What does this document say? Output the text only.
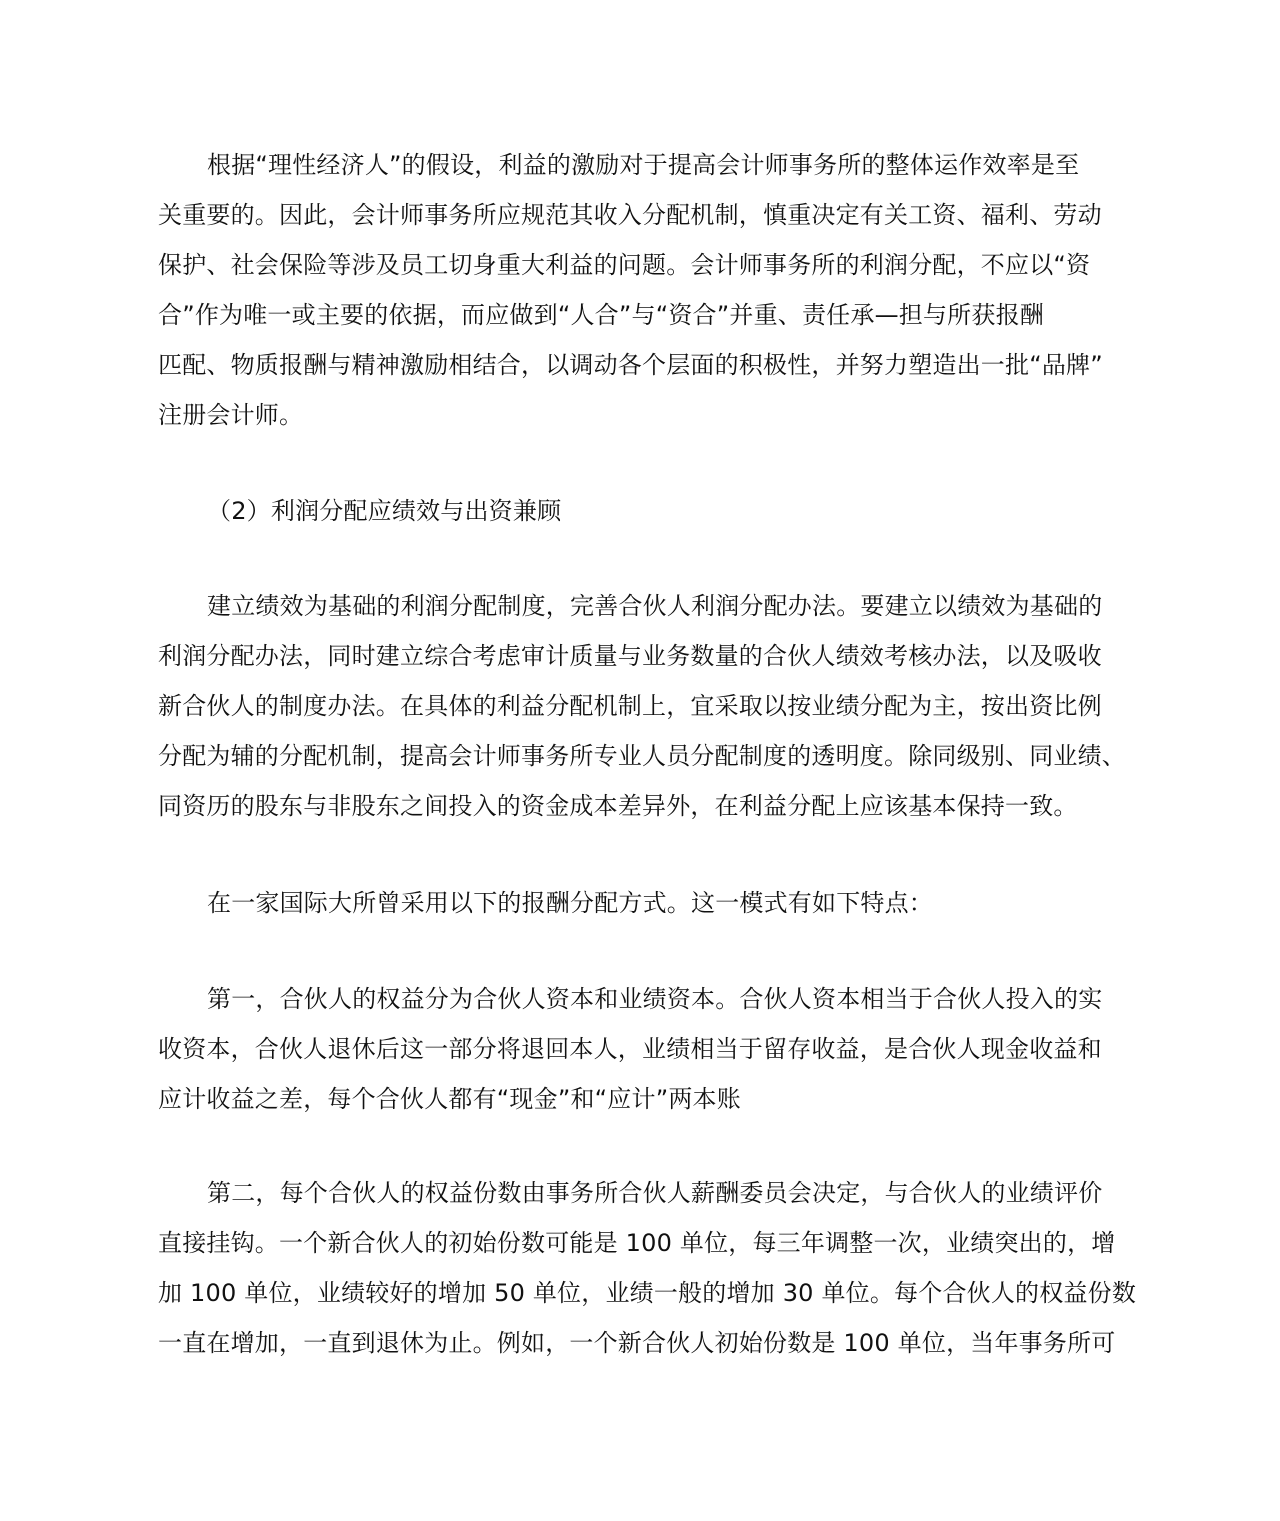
根据“理性经济人”的假设，利益的激励对于提高会计师事务所的整体运作效率是至
关重要的。因此，会计师事务所应规范其收入分配机制，慎重决定有关工资、福利、劳动
保护、社会保险等涉及员工切身重大利益的问题。会计师事务所的利润分配，不应以“资
合”作为唯一或主要的依据，而应做到“人合”与“资合”并重、责任承—担与所获报酬
匹配、物质报酬与精神激励相结合，以调动各个层面的积极性，并努力塑造出一批“品牌”
注册会计师。
（2）利润分配应绩效与出资兼顾
建立绩效为基础的利润分配制度，完善合伙人利润分配办法。要建立以绩效为基础的
利润分配办法，同时建立综合考虑审计质量与业务数量的合伙人绩效考核办法，以及吸收
新合伙人的制度办法。在具体的利益分配机制上，宜采取以按业绩分配为主，按出资比例
分配为辅的分配机制，提高会计师事务所专业人员分配制度的透明度。除同级别、同业绩、
同资历的股东与非股东之间投入的资金成本差异外，在利益分配上应该基本保持一致。
在一家国际大所曾采用以下的报酬分配方式。这一模式有如下特点：
第一，合伙人的权益分为合伙人资本和业绩资本。合伙人资本相当于合伙人投入的实
收资本，合伙人退休后这一部分将退回本人，业绩相当于留存收益，是合伙人现金收益和
应计收益之差，每个合伙人都有“现金”和“应计”两本账
第二，每个合伙人的权益份数由事务所合伙人薪酬委员会决定，与合伙人的业绩评价
直接挂钩。一个新合伙人的初始份数可能是 100 单位，每三年调整一次，业绩突出的，增
加 100 单位，业绩较好的增加 50 单位，业绩一般的增加 30 单位。每个合伙人的权益份数
一直在增加，一直到退休为止。例如，一个新合伙人初始份数是 100 单位，当年事务所可
